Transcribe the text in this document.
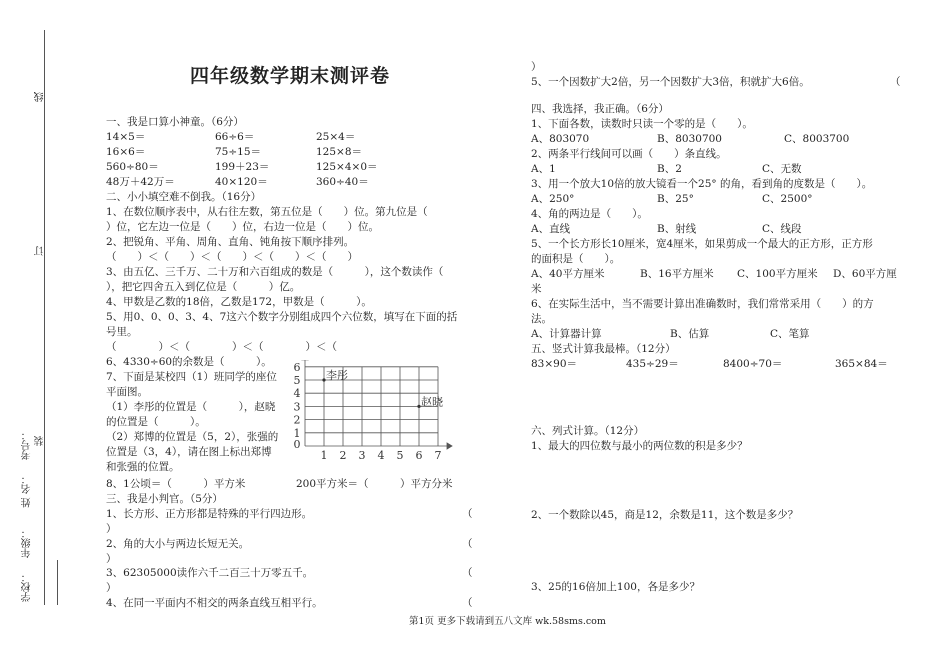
线
订
装
考号：
姓 名：
年级：
学校：
四年级数学期末测评卷
一、我是口算小神童。（6分）
14×5＝	66÷6＝	25×4＝
16×6＝	75÷15＝	125×8＝
560÷80＝	199＋23＝	125×4×0＝
48万＋42万＝	40×120＝	360÷40＝
二、小小填空难不倒我。（16分）
1、在数位顺序表中，从右往左数，第五位是（　　）位。第九位是（
）位，它左边一位是（　　）位，右边一位是（　　）位。
2、把锐角、平角、周角、直角、钝角按下顺序排列。
（　　）＜（　　）＜（　　）＜（　　）＜（　　）
3、由五亿、三千万、二十万和六百组成的数是（　　　），这个数读作（
），把它四舍五入到亿位是（　　　）亿。
4、甲数是乙数的18倍，乙数是172，甲数是（　　　）。
5、用0、0、0、3、4、7这六个数字分别组成四个六位数，填写在下面的括
号里。
（　　　　）＜（　　　　）＜（　　　　）＜（
6、4330÷60的余数是（　　　）。
7、下面是某校四（1）班同学的座位
平面图。
（1）李彤的位置是（　　　），赵晓
的位置是（　　　）。
（2）郑博的位置是（5，2），张强的
位置是（3，4），请在图上标出郑博
和张强的位置。
8、1公顷＝（　　　）平方米	200平方米＝（　　　）平方分米
1 2 3 4 5 6 7
1
2
3
4
5
6
0
李彤
赵晓
三、我是小判官。（5分）
1、长方形、正方形都是特殊的平行四边形。	（
）
2、角的大小与两边长短无关。	（
）
3、62305000读作六千二百三十万零五千。	（
）
4、在同一平面内不相交的两条直线互相平行。	（
）
5、一个因数扩大2倍，另一个因数扩大3倍，积就扩大6倍。	（
四、我选择，我正确。（6分）
1、下面各数，读数时只读一个零的是（　　）。
A、803070	B、8030700	C、8003700
2、两条平行线间可以画（　　）条直线。
A、1	B、2	C、无数
3、用一个放大10倍的放大镜看一个25° 的角，看到角的度数是（　　）。
A、250°	B、25°	C、2500°
4、角的两边是（　　）。
A、直线	B、射线	C、线段
5、一个长方形长10厘米，宽4厘米，如果剪成一个最大的正方形，正方形
的面积是（　　）。
A、40平方厘米	B、16平方厘米 C、100平方厘米 D、60平方厘
米
6、在实际生活中，当不需要计算出准确数时，我们常常采用（　　）的方
法。
A、计算器计算	B、估算	C、笔算
五、竖式计算我最棒。（12分）
83×90＝	435÷29＝	8400÷70＝	365×84＝
六、列式计算。（12分）
1、最大的四位数与最小的两位数的积是多少？
2、一个数除以45，商是12，余数是11，这个数是多少？
3、25的16倍加上100，各是多少？
第1页 更多下载请到五八文库 wk.58sms.com
